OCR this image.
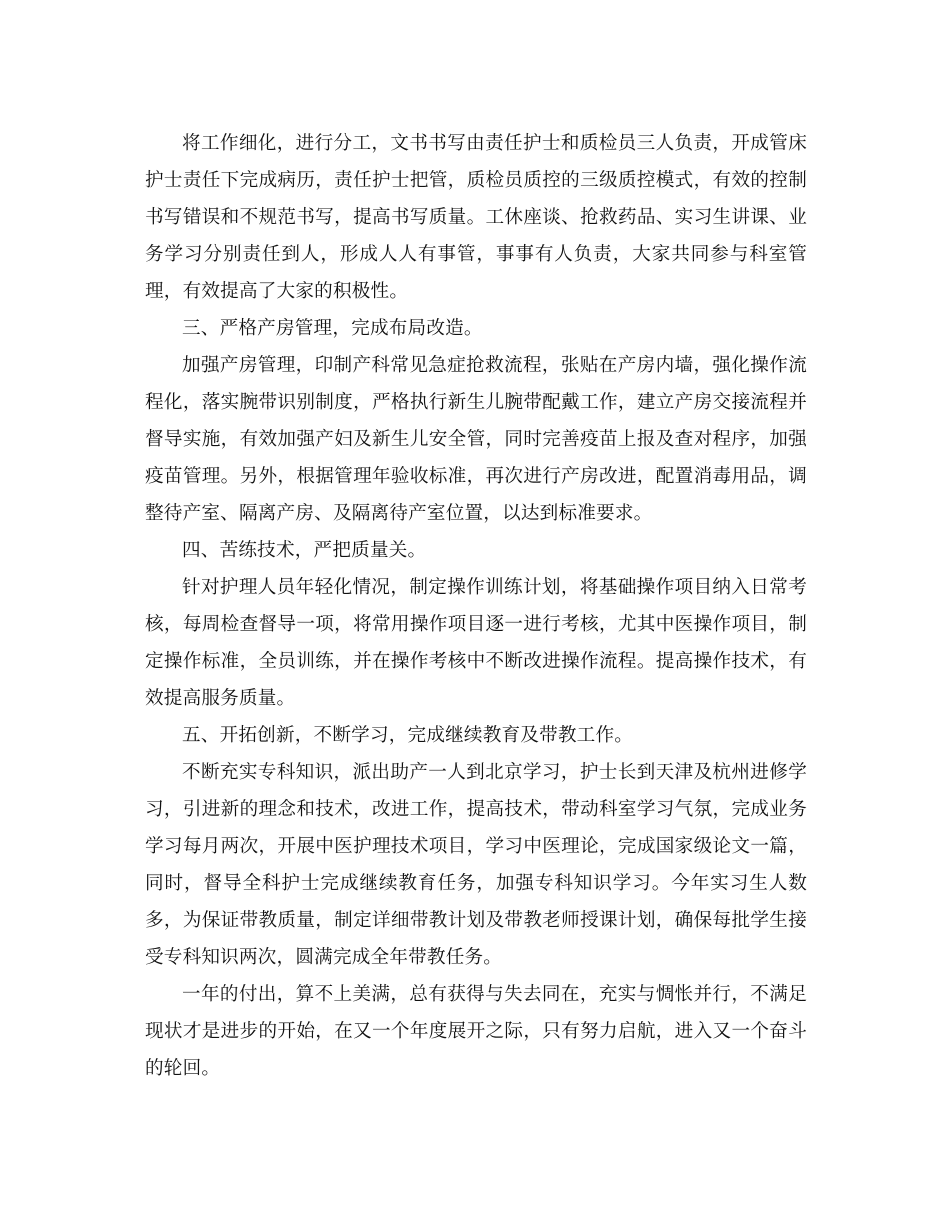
将工作细化，进行分工，文书书写由责任护士和质检员三人负责，开成管床护士责任下完成病历，责任护士把管，质检员质控的三级质控模式，有效的控制书写错误和不规范书写，提高书写质量。工休座谈、抢救药品、实习生讲课、业务学习分别责任到人，形成人人有事管，事事有人负责，大家共同参与科室管理，有效提高了大家的积极性。

三、严格产房管理，完成布局改造。

加强产房管理，印制产科常见急症抢救流程，张贴在产房内墙，强化操作流程化，落实腕带识别制度，严格执行新生儿腕带配戴工作，建立产房交接流程并督导实施，有效加强产妇及新生儿安全管，同时完善疫苗上报及查对程序，加强疫苗管理。另外，根据管理年验收标准，再次进行产房改进，配置消毒用品，调整待产室、隔离产房、及隔离待产室位置，以达到标准要求。

四、苦练技术，严把质量关。

针对护理人员年轻化情况，制定操作训练计划，将基础操作项目纳入日常考核，每周检查督导一项，将常用操作项目逐一进行考核，尤其中医操作项目，制定操作标准，全员训练，并在操作考核中不断改进操作流程。提高操作技术，有效提高服务质量。

五、开拓创新，不断学习，完成继续教育及带教工作。

不断充实专科知识，派出助产一人到北京学习，护士长到天津及杭州进修学习，引进新的理念和技术，改进工作，提高技术，带动科室学习气氛，完成业务学习每月两次，开展中医护理技术项目，学习中医理论，完成国家级论文一篇，同时，督导全科护士完成继续教育任务，加强专科知识学习。今年实习生人数多，为保证带教质量，制定详细带教计划及带教老师授课计划，确保每批学生接受专科知识两次，圆满完成全年带教任务。

一年的付出，算不上美满，总有获得与失去同在，充实与惆怅并行，不满足现状才是进步的开始，在又一个年度展开之际，只有努力启航，进入又一个奋斗的轮回。
